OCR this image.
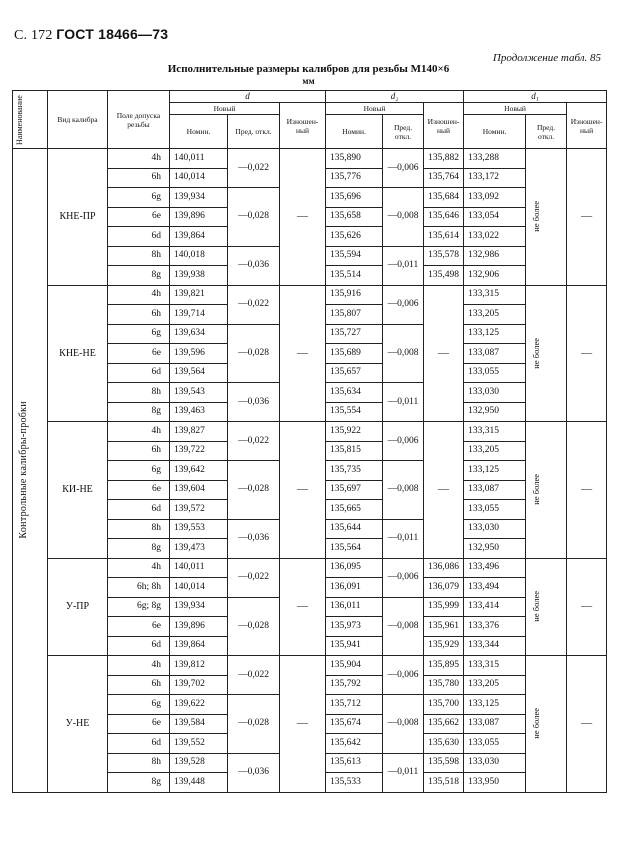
С. 172 ГОСТ 18466—73
Продолжение табл. 85
Исполнительные размеры калибров для резьбы M140×6
мм
Наименование	Вид калибра	Поле допуска резьбы	d			d₂			d₁		
			Новый		Изношен-ный	Новый		Изношен-ный	Новый		Изношен-ный
			Номин.	Пред. откл.		Номин.	Пред. откл.		Номин.	Пред. откл.	

Контрольные калибры-пробки	КНЕ-ПР	4h	140,011	—0,022	—	135,890	—0,006	135,882	133,288	не более	—
		6h	140,014			135,776		135,764	133,172		
		6g	139,934	—0,028		135,696	—0,008	135,684	133,092		
		6e	139,896			135,658		135,646	133,054		
		6d	139,864			135,626		135,614	133,022		
		8h	140,018	—0,036		135,594	—0,011	135,578	132,986		
		8g	139,938			135,514		135,498	132,906		
	КНЕ-НЕ	4h	139,821	—0,022	—	135,916	—0,006	—	133,315	не более	—
		6h	139,714			135,807			133,205		
		6g	139,634	—0,028		135,727	—0,008		133,125		
		6e	139,596			135,689			133,087		
		6d	139,564			135,657			133,055		
		8h	139,543	—0,036		135,634	—0,011		133,030		
		8g	139,463			135,554			132,950		
	КИ-НЕ	4h	139,827	—0,022	—	135,922	—0,006	—	133,315	не более	—
		6h	139,722			135,815			133,205		
		6g	139,642	—0,028		135,735	—0,008		133,125		
		6e	139,604			135,697			133,087		
		6d	139,572			135,665			133,055		
		8h	139,553	—0,036		135,644	—0,011		133,030		
		8g	139,473			135,564			132,950		
	У-ПР	4h	140,011	—0,022	—	136,095	—0,006	136,086	133,496	не более	—
		6h; 8h	140,014			136,091		136,079	133,494		
		6g; 8g	139,934	—0,028		136,011	—0,008	135,999	133,414		
		6e	139,896			135,973		135,961	133,376		
		6d	139,864			135,941		135,929	133,344		
	У-НЕ	4h	139,812	—0,022	—	135,904	—0,006	135,895	133,315	не более	—
		6h	139,702			135,792		135,780	133,205		
		6g	139,622	—0,028		135,712	—0,008	135,700	133,125		
		6e	139,584			135,674		135,662	133,087		
		6d	139,552			135,642		135,630	133,055		
		8h	139,528	—0,036		135,613	—0,011	135,598	133,030		
		8g	139,448			135,533		135,518	133,950		
